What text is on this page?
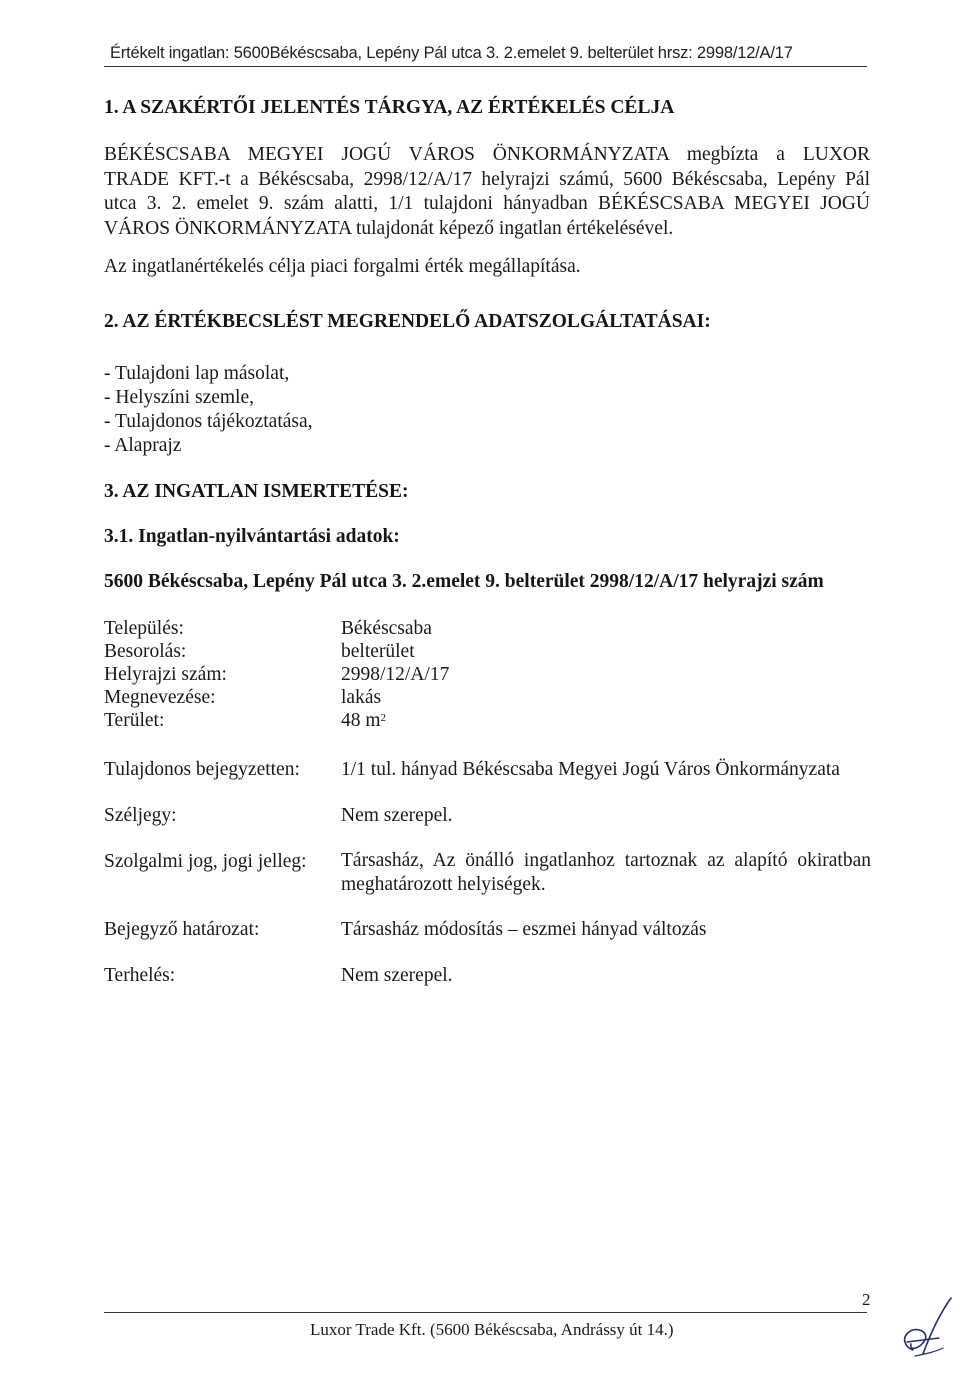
Értékelt ingatlan: 5600Békéscsaba, Lepény Pál utca 3. 2.emelet 9. belterület hrsz: 2998/12/A/17
1. A SZAKÉRTŐI JELENTÉS TÁRGYA, AZ ÉRTÉKELÉS CÉLJA
BÉKÉSCSABA MEGYEI JOGÚ VÁROS ÖNKORMÁNYZATA megbízta a LUXOR
TRADE KFT.-t a Békéscsaba, 2998/12/A/17 helyrajzi számú, 5600 Békéscsaba, Lepény Pál
utca 3. 2. emelet 9. szám alatti, 1/1 tulajdoni hányadban BÉKÉSCSABA MEGYEI JOGÚ
VÁROS ÖNKORMÁNYZATA tulajdonát képező ingatlan értékelésével.
Az ingatlanértékelés célja piaci forgalmi érték megállapítása.
2. AZ ÉRTÉKBECSLÉST MEGRENDELŐ ADATSZOLGÁLTATÁSAI:
- Tulajdoni lap másolat,
- Helyszíni szemle,
- Tulajdonos tájékoztatása,
- Alaprajz
3. AZ INGATLAN ISMERTETÉSE:
3.1. Ingatlan-nyilvántartási adatok:
5600 Békéscsaba, Lepény Pál utca 3. 2.emelet 9. belterület 2998/12/A/17 helyrajzi szám
Település:	Békéscsaba
Besorolás:	belterület
Helyrajzi szám:	2998/12/A/17
Megnevezése:	lakás
Terület:	48 $m^2$
Tulajdonos bejegyzetten: 1/1 tul. hányad Békéscsaba Megyei Jogú Város Önkormányzata
Széljegy:	Nem szerepel.
Szolgalmi jog, jogi jelleg: Társasház, Az önálló ingatlanhoz tartoznak az alapító okiratban
meghatározott helyiségek.
Bejegyző határozat:	Társasház módosítás – eszmei hányad változás
Terhelés:	Nem szerepel.
2
Luxor Trade Kft. (5600 Békéscsaba, Andrássy út 14.)
